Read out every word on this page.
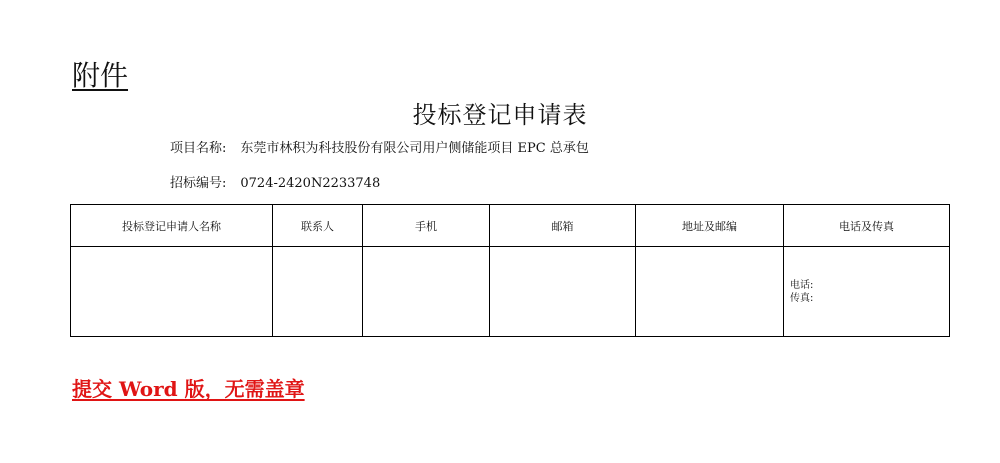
附件
投标登记申请表
项目名称: 东莞市林积为科技股份有限公司用户侧储能项目 EPC 总承包
招标编号: 0724-2420N2233748
投标登记申请人名称	联系人	手机	邮箱	地址及邮编	电话及传真

					电话:
传真:
提交 Word 版，无需盖章
